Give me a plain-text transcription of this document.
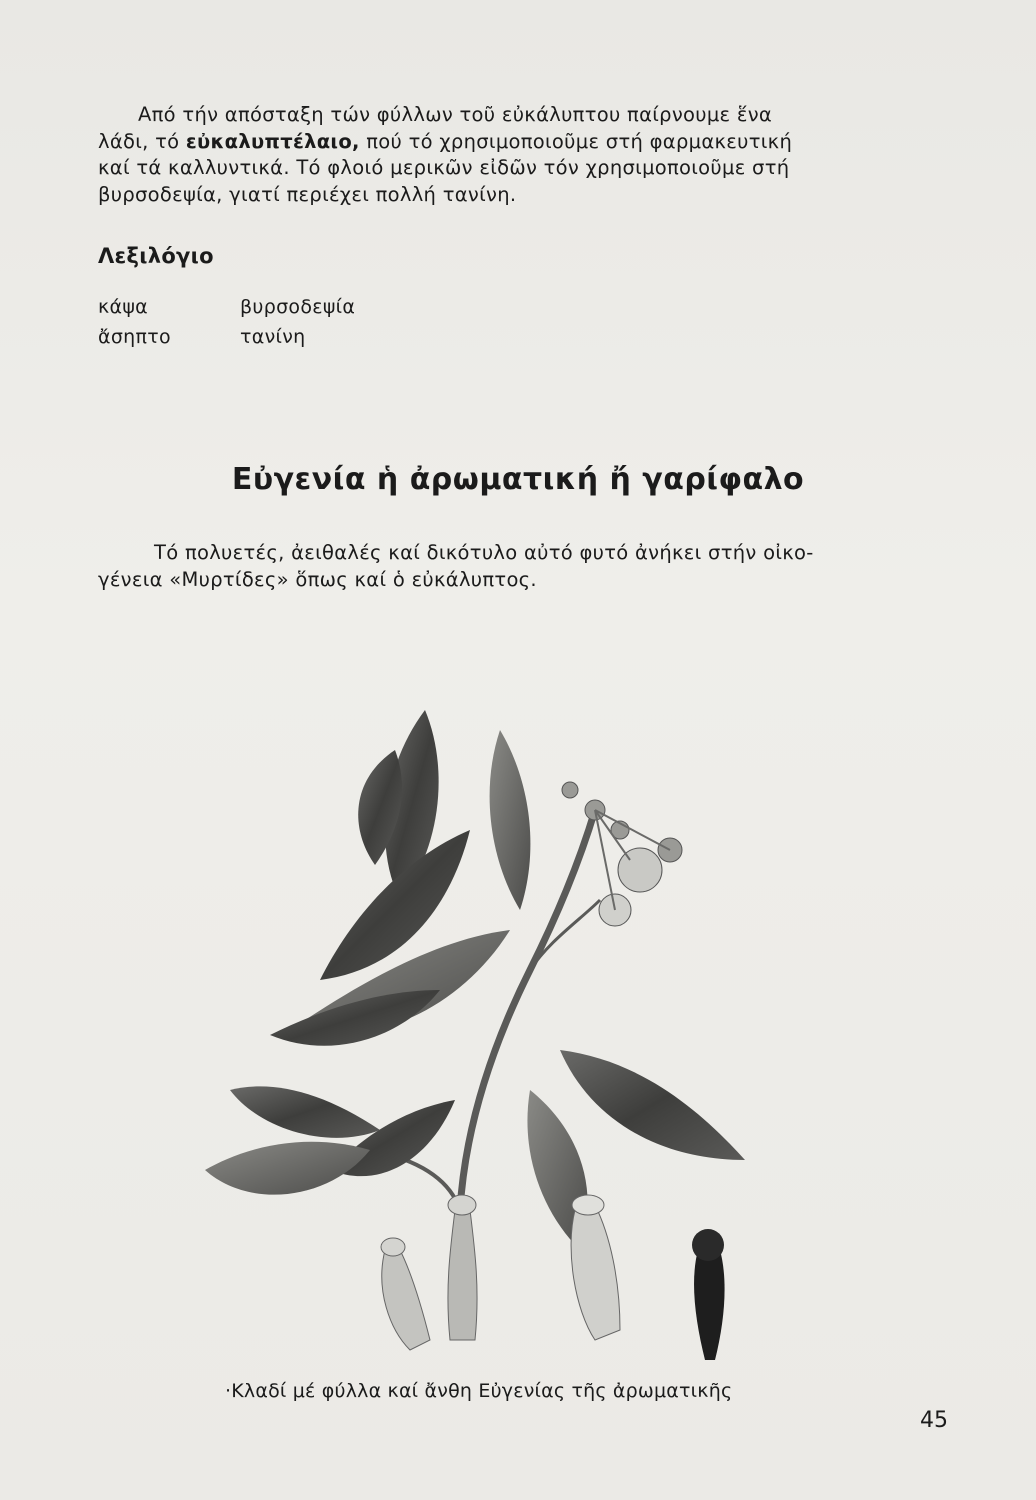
Από τήν απόσταξη τών φύλλων τοῦ εὐκάλυπτου παίρνουμε ἕνα
λάδι, τό εὐκαλυπτέλαιο, πού τό χρησιμοποιοῦμε στή φαρμακευτική
καί τά καλλυντικά. Τό φλοιό μερικῶν εἰδῶν τόν χρησιμοποιοῦμε στή
βυρσοδεψία, γιατί περιέχει πολλή τανίνη.
Λεξιλόγιο
κάψα	βυρσοδεψία
ἄσηπτο	τανίνη
Εὐγενία ἡ ἀρωματική ἤ γαρίφαλο
Τό πολυετές, ἀειθαλές καί δικότυλο αὐτό φυτό ἀνήκει στήν οἰκο-
γένεια «Μυρτίδες» ὅπως καί ὁ εὐκάλυπτος.
·Κλαδί μέ φύλλα καί ἄνθη Εὐγενίας τῆς ἀρωματικῆς
45
